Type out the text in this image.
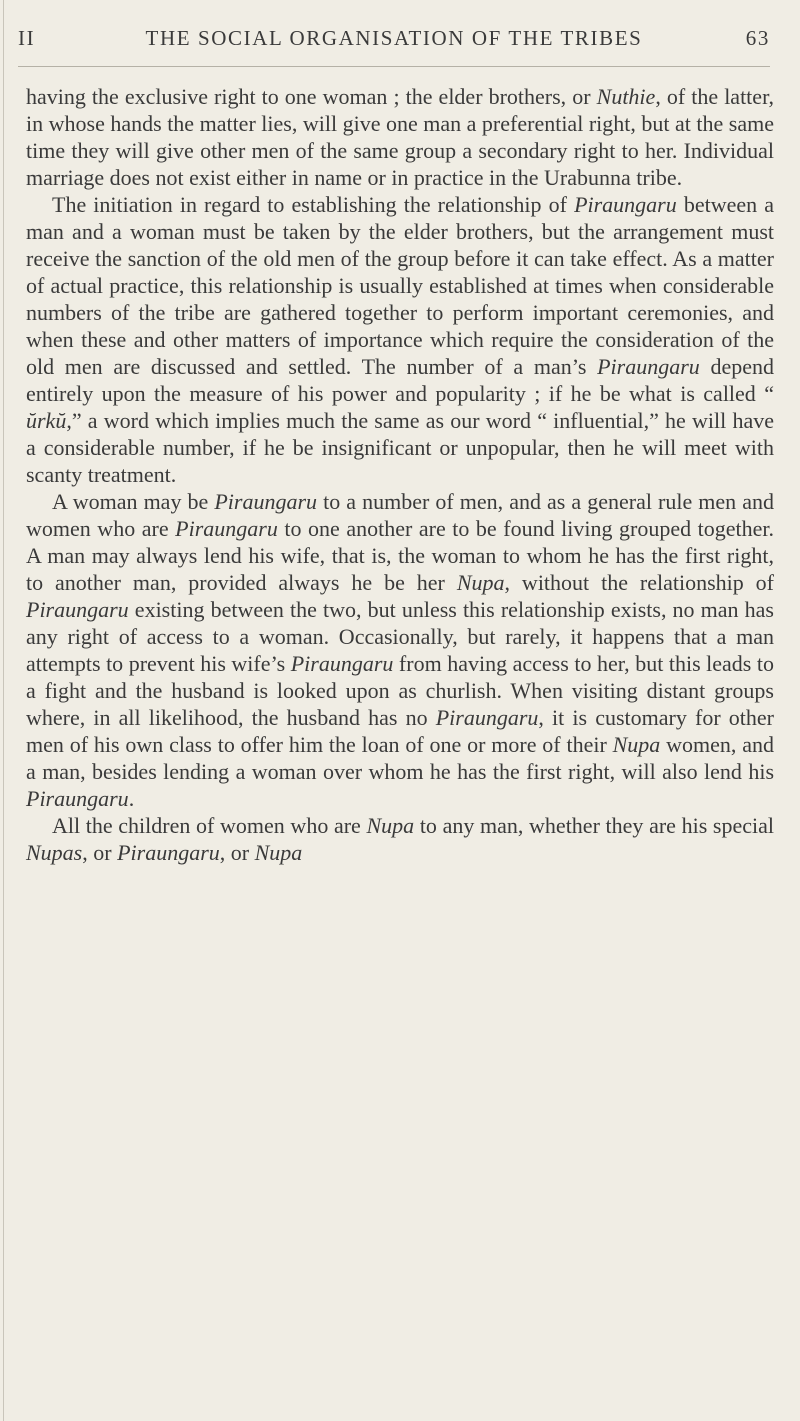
II	THE SOCIAL ORGANISATION OF THE TRIBES	63

having the exclusive right to one woman ; the elder brothers, or Nuthie, of the latter, in whose hands the matter lies, will give one man a preferential right, but at the same time they will give other men of the same group a secondary right to her. Individual marriage does not exist either in name or in practice in the Urabunna tribe.

The initiation in regard to establishing the relationship of Piraungaru between a man and a woman must be taken by the elder brothers, but the arrangement must receive the sanction of the old men of the group before it can take effect. As a matter of actual practice, this relationship is usually established at times when considerable numbers of the tribe are gathered together to perform important ceremonies, and when these and other matters of importance which require the consideration of the old men are discussed and settled. The number of a man’s Piraungaru depend entirely upon the measure of his power and popularity ; if he be what is called “ ŭrkŭ,” a word which implies much the same as our word “ influential,” he will have a considerable number, if he be insignificant or unpopular, then he will meet with scanty treatment.

A woman may be Piraungaru to a number of men, and as a general rule men and women who are Piraungaru to one another are to be found living grouped together. A man may always lend his wife, that is, the woman to whom he has the first right, to another man, provided always he be her Nupa, without the relationship of Piraungaru existing between the two, but unless this relationship exists, no man has any right of access to a woman. Occasionally, but rarely, it happens that a man attempts to prevent his wife’s Piraungaru from having access to her, but this leads to a fight and the husband is looked upon as churlish. When visiting distant groups where, in all likelihood, the husband has no Piraungaru, it is customary for other men of his own class to offer him the loan of one or more of their Nupa women, and a man, besides lending a woman over whom he has the first right, will also lend his Piraungaru.

All the children of women who are Nupa to any man, whether they are his special Nupas, or Piraungaru, or Nupa
